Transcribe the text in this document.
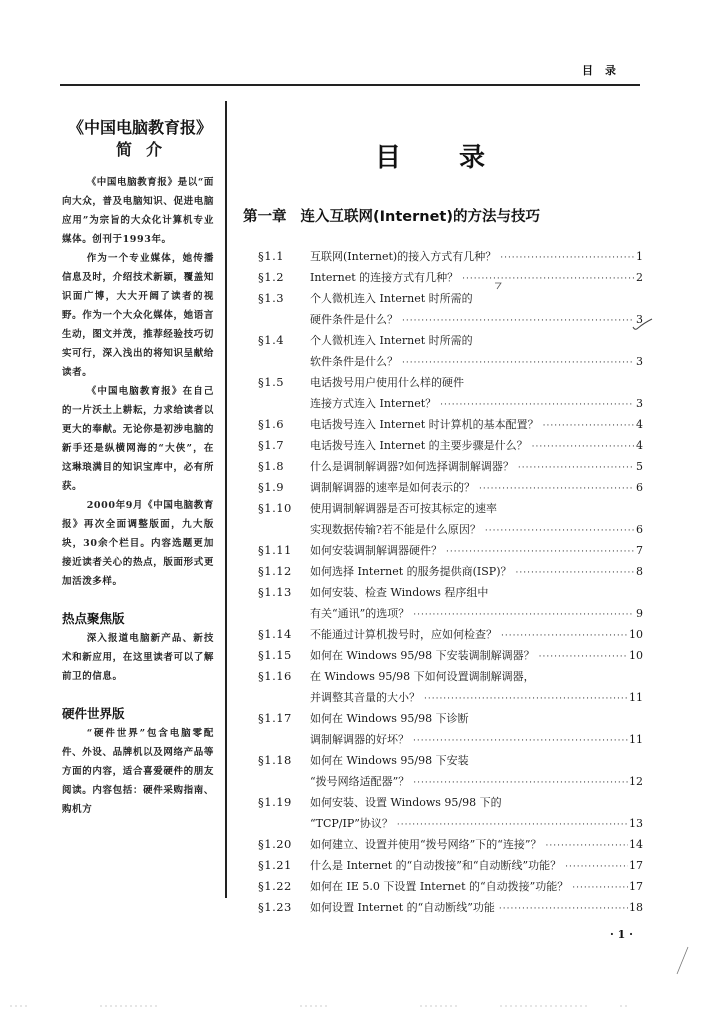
目录
《中国电脑教育报》
简介

《中国电脑教育报》是以“面向大众，普及电脑知识、促进电脑应用”为宗旨的大众化计算机专业媒体。创刊于1993年。

作为一个专业媒体，她传播信息及时，介绍技术新颖，覆盖知识面广博，大大开阔了读者的视野。作为一个大众化媒体，她语言生动，图文并茂，推荐经验技巧切实可行，深入浅出的将知识呈献给读者。

《中国电脑教育报》在自己的一片沃土上耕耘，力求给读者以更大的奉献。无论你是初涉电脑的新手还是纵横网海的“大侠”，在这琳琅满目的知识宝库中，必有所获。

2000年9月《中国电脑教育报》再次全面调整版面，九大版块，30余个栏目。内容选题更加接近读者关心的热点，版面形式更加活泼多样。

热点聚焦版

深入报道电脑新产品、新技术和新应用，在这里读者可以了解前卫的信息。

硬件世界版

“硬件世界”包含电脑零配件、外设、品牌机以及网络产品等方面的内容，适合喜爱硬件的朋友阅读。内容包括：硬件采购指南、购机方

目录
第一章 连入互联网(Internet)的方法与技巧
§1.1	互联网(Internet)的接入方式有几种？ ·····	1
§1.2	Internet 的连接方式有几种？ ·····	2
§1.3	个人微机连入 Internet 时所需的
硬件条件是什么？ ·····	3
§1.4	个人微机连入 Internet 时所需的
软件条件是什么？ ·····	3
§1.5	电话拨号用户使用什么样的硬件
连接方式连入 Internet？ ·····	3
§1.6	电话拨号连入 Internet 时计算机的基本配置？ ·····	4
§1.7	电话拨号连入 Internet 的主要步骤是什么？ ·····	4
§1.8	什么是调制解调器?如何选择调制解调器？ ·····	5
§1.9	调制解调器的速率是如何表示的？ ·····	6
§1.10	使用调制解调器是否可按其标定的速率
实现数据传输?若不能是什么原因？ ·····	6
§1.11	如何安装调制解调器硬件？ ·····	7
§1.12	如何选择 Internet 的服务提供商(ISP)？ ·····	8
§1.13	如何安装、检查 Windows 程序组中
有关“通讯”的选项？ ·····	9
§1.14	不能通过计算机拨号时，应如何检查？ ·····	10
§1.15	如何在 Windows 95/98 下安装调制解调器？ ·····	10
§1.16	在 Windows 95/98 下如何设置调制解调器，
并调整其音量的大小？ ·····	11
§1.17	如何在 Windows 95/98 下诊断
调制解调器的好坏？ ·····	11
§1.18	如何在 Windows 95/98 下安装
“拨号网络适配器”？ ·····	12
§1.19	如何安装、设置 Windows 95/98 下的
“TCP/IP”协议？ ·····	13
§1.20	如何建立、设置并使用“拨号网络”下的“连接”？ ·····	14
§1.21	什么是 Internet 的“自动拨接”和“自动断线”功能？ ·····	17
§1.22	如何在 IE 5.0 下设置 Internet 的“自动拨接”功能？ ·····	17
§1.23	如何设置 Internet 的“自动断线”功能 ·····	18
· 1 ·
